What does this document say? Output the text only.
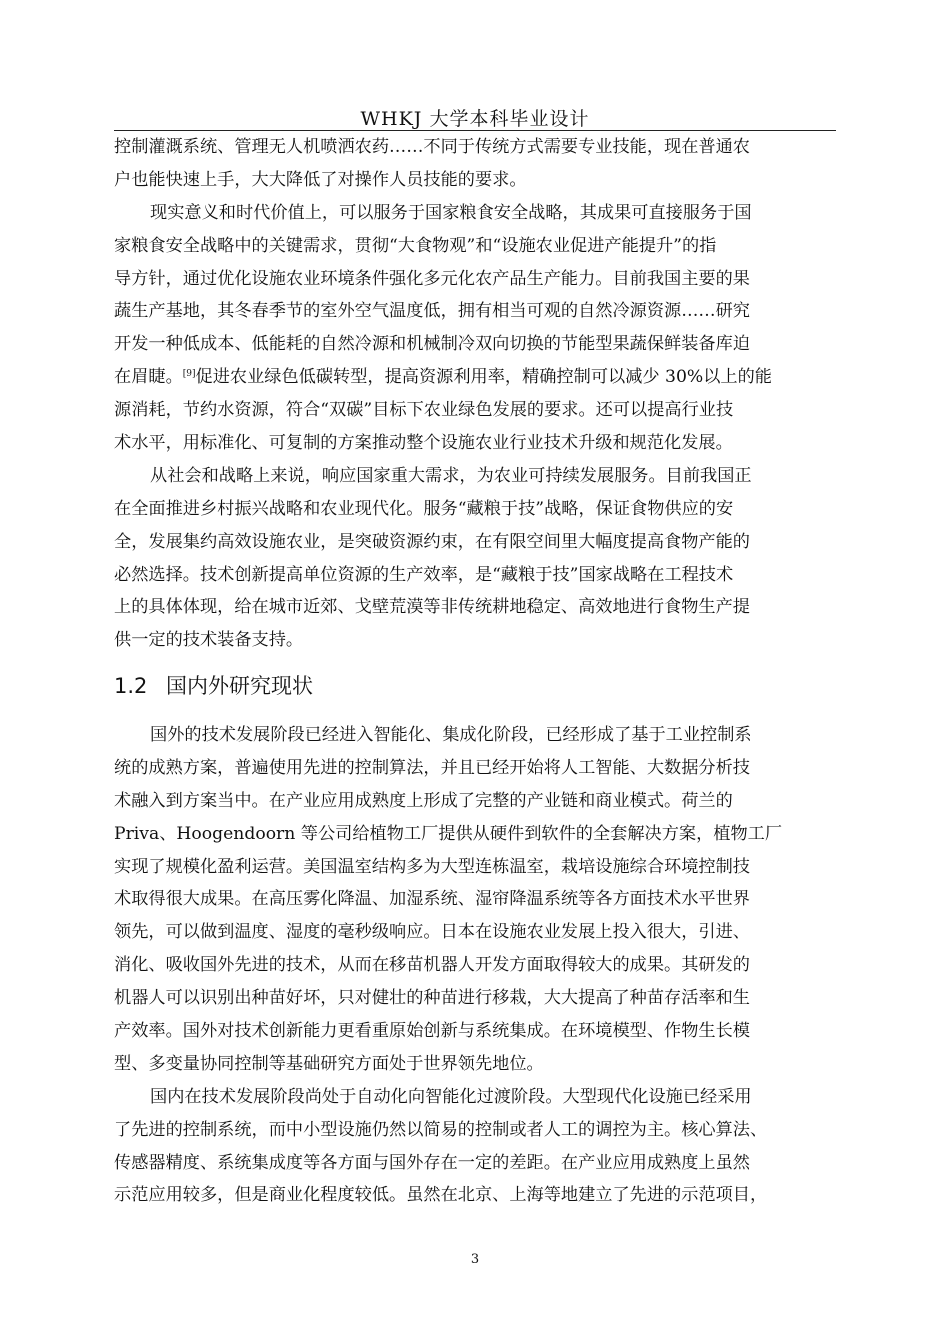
WHKJ 大学本科毕业设计
控制灌溉系统、管理无人机喷洒农药……不同于传统方式需要专业技能，现在普通农
户也能快速上手，大大降低了对操作人员技能的要求。
现实意义和时代价值上，可以服务于国家粮食安全战略，其成果可直接服务于国
家粮食安全战略中的关键需求，贯彻“大食物观”和“设施农业促进产能提升”的指
导方针，通过优化设施农业环境条件强化多元化农产品生产能力。目前我国主要的果
蔬生产基地，其冬春季节的室外空气温度低，拥有相当可观的自然冷源资源……研究
开发一种低成本、低能耗的自然冷源和机械制冷双向切换的节能型果蔬保鲜装备库迫
在眉睫。[9]促进农业绿色低碳转型，提高资源利用率，精确控制可以减少 30%以上的能
源消耗，节约水资源，符合“双碳”目标下农业绿色发展的要求。还可以提高行业技
术水平，用标准化、可复制的方案推动整个设施农业行业技术升级和规范化发展。
从社会和战略上来说，响应国家重大需求，为农业可持续发展服务。目前我国正
在全面推进乡村振兴战略和农业现代化。服务“藏粮于技”战略，保证食物供应的安
全，发展集约高效设施农业，是突破资源约束，在有限空间里大幅度提高食物产能的
必然选择。技术创新提高单位资源的生产效率，是“藏粮于技”国家战略在工程技术
上的具体体现，给在城市近郊、戈壁荒漠等非传统耕地稳定、高效地进行食物生产提
供一定的技术装备支持。
1.2 国内外研究现状
国外的技术发展阶段已经进入智能化、集成化阶段，已经形成了基于工业控制系
统的成熟方案，普遍使用先进的控制算法，并且已经开始将人工智能、大数据分析技
术融入到方案当中。在产业应用成熟度上形成了完整的产业链和商业模式。荷兰的
Priva、Hoogendoorn 等公司给植物工厂提供从硬件到软件的全套解决方案，植物工厂
实现了规模化盈利运营。美国温室结构多为大型连栋温室，栽培设施综合环境控制技
术取得很大成果。在高压雾化降温、加湿系统、湿帘降温系统等各方面技术水平世界
领先，可以做到温度、湿度的毫秒级响应。日本在设施农业发展上投入很大，引进、
消化、吸收国外先进的技术，从而在移苗机器人开发方面取得较大的成果。其研发的
机器人可以识别出种苗好坏，只对健壮的种苗进行移栽，大大提高了种苗存活率和生
产效率。国外对技术创新能力更看重原始创新与系统集成。在环境模型、作物生长模
型、多变量协同控制等基础研究方面处于世界领先地位。
国内在技术发展阶段尚处于自动化向智能化过渡阶段。大型现代化设施已经采用
了先进的控制系统，而中小型设施仍然以简易的控制或者人工的调控为主。核心算法、
传感器精度、系统集成度等各方面与国外存在一定的差距。在产业应用成熟度上虽然
示范应用较多，但是商业化程度较低。虽然在北京、上海等地建立了先进的示范项目，
3
